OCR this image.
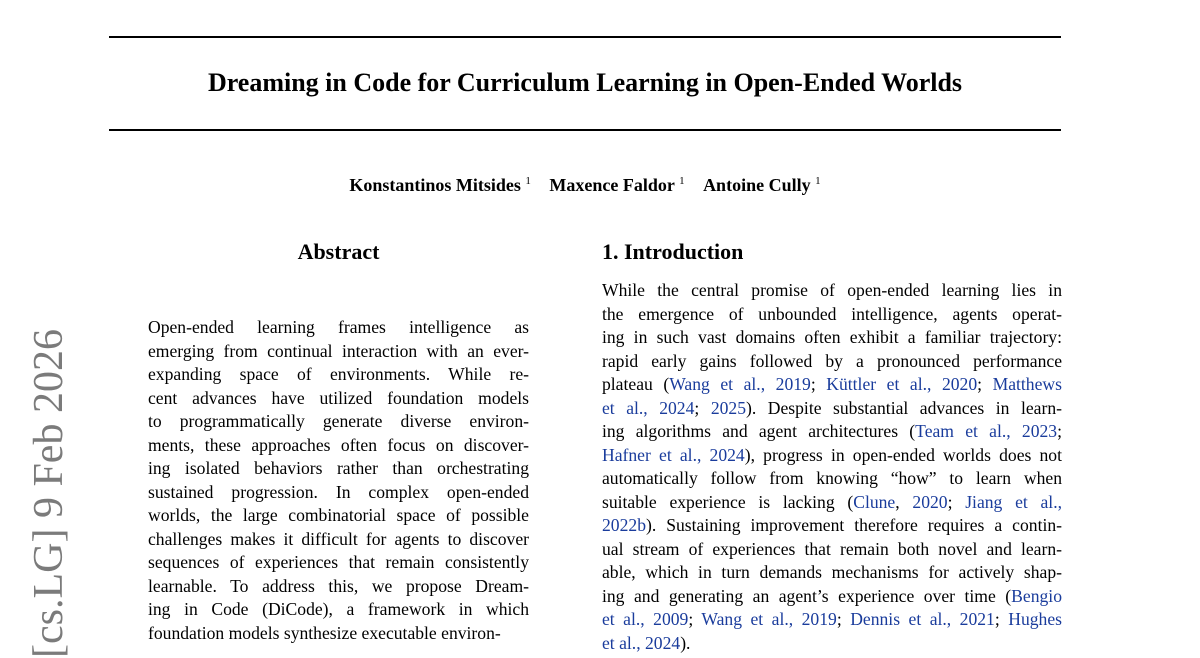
Dreaming in Code for Curriculum Learning in Open-Ended Worlds
Konstantinos Mitsides $^1$ Maxence Faldor $^1$ Antoine Cully $^1$
[cs.LG] 9 Feb 2026
Abstract
Open-ended learning frames intelligence as
emerging from continual interaction with an ever-
expanding space of environments. While re-
cent advances have utilized foundation models
to programmatically generate diverse environ-
ments, these approaches often focus on discover-
ing isolated behaviors rather than orchestrating
sustained progression. In complex open-ended
worlds, the large combinatorial space of possible
challenges makes it difficult for agents to discover
sequences of experiences that remain consistently
learnable. To address this, we propose Dream-
ing in Code (DiCode), a framework in which
foundation models synthesize executable environ-
1. Introduction
While the central promise of open-ended learning lies in
the emergence of unbounded intelligence, agents operat-
ing in such vast domains often exhibit a familiar trajectory:
rapid early gains followed by a pronounced performance
plateau (Wang et al., 2019; Küttler et al., 2020; Matthews
et al., 2024; 2025). Despite substantial advances in learn-
ing algorithms and agent architectures (Team et al., 2023;
Hafner et al., 2024), progress in open-ended worlds does not
automatically follow from knowing “how” to learn when
suitable experience is lacking (Clune, 2020; Jiang et al.,
2022b). Sustaining improvement therefore requires a contin-
ual stream of experiences that remain both novel and learn-
able, which in turn demands mechanisms for actively shap-
ing and generating an agent’s experience over time (Bengio
et al., 2009; Wang et al., 2019; Dennis et al., 2021; Hughes
et al., 2024).
